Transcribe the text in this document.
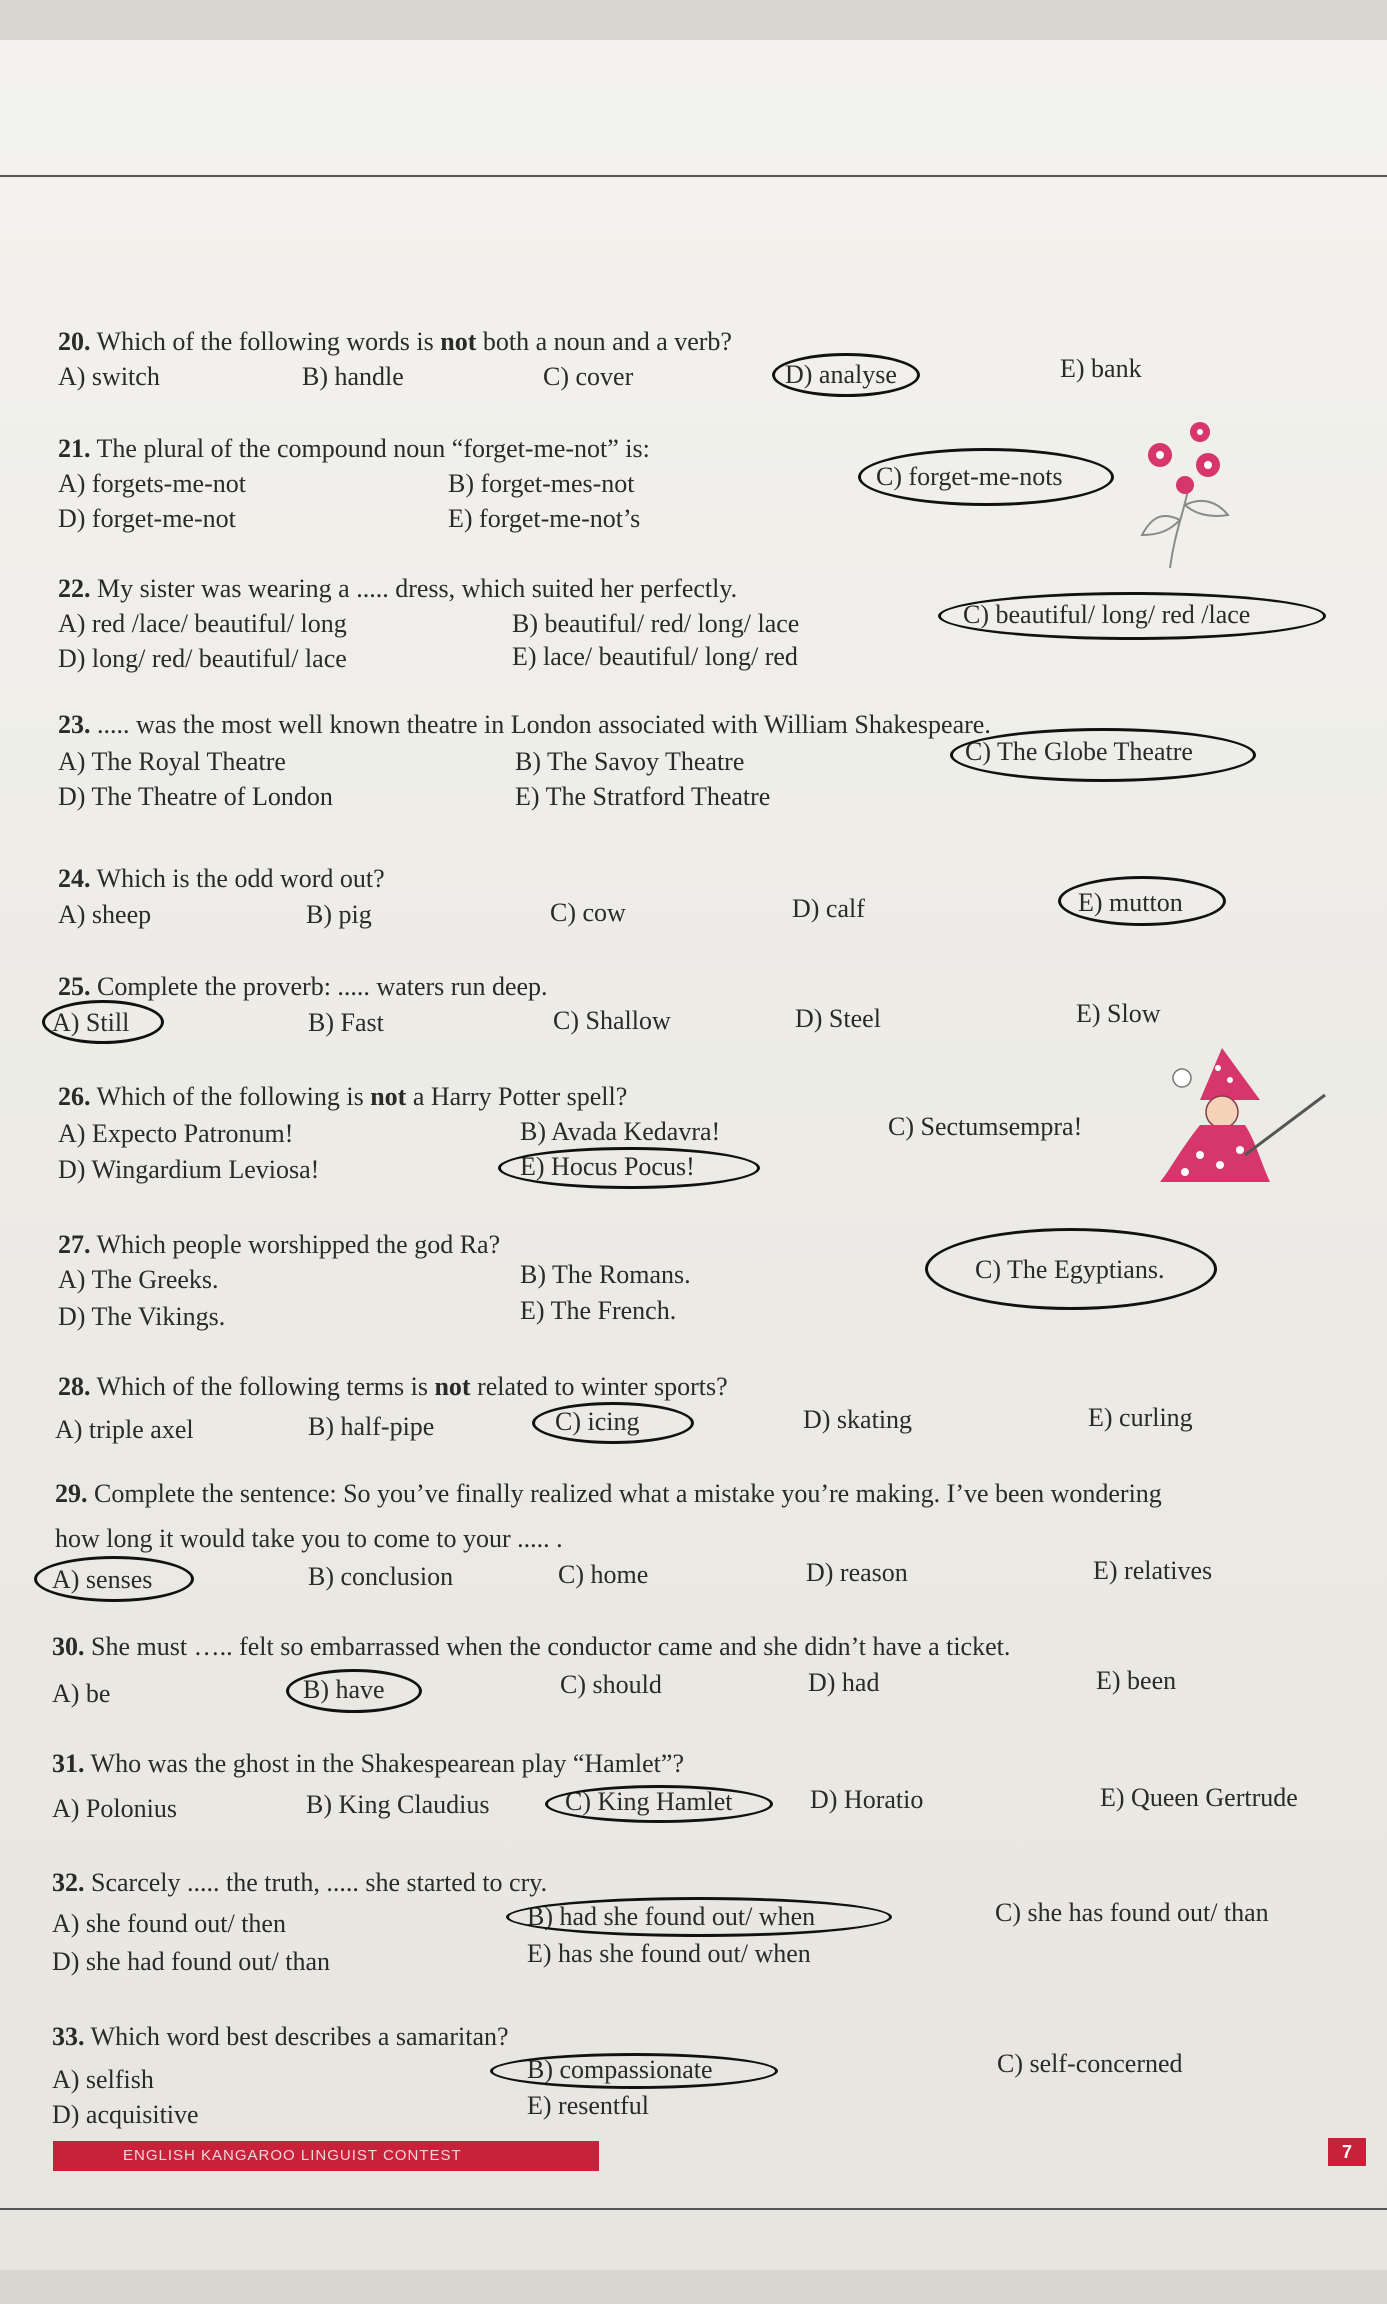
20. Which of the following words is not both a noun and a verb?
A) switch	B) handle	C) cover	D) analyse	E) bank
21. The plural of the compound noun “forget-me-not” is:
A) forgets-me-not	B) forget-mes-not	C) forget-me-nots
D) forget-me-not	E) forget-me-not’s
22. My sister was wearing a ..... dress, which suited her perfectly.
A) red /lace/ beautiful/ long	B) beautiful/ red/ long/ lace	C) beautiful/ long/ red /lace
D) long/ red/ beautiful/ lace	E) lace/ beautiful/ long/ red
23. ..... was the most well known theatre in London associated with William Shakespeare.
A) The Royal Theatre	B) The Savoy Theatre	C) The Globe Theatre
D) The Theatre of London	E) The Stratford Theatre
24. Which is the odd word out?
A) sheep	B) pig	C) cow	D) calf	E) mutton
25. Complete the proverb: ..... waters run deep.
A) Still	B) Fast	C) Shallow	D) Steel	E) Slow
26. Which of the following is not a Harry Potter spell?
A) Expecto Patronum!	B) Avada Kedavra!	C) Sectumsempra!
D) Wingardium Leviosa!	E) Hocus Pocus!
27. Which people worshipped the god Ra?
A) The Greeks.	B) The Romans.	C) The Egyptians.
D) The Vikings.	E) The French.
28. Which of the following terms is not related to winter sports?
A) triple axel	B) half-pipe	C) icing	D) skating	E) curling
29. Complete the sentence: So you’ve finally realized what a mistake you’re making. I’ve been wondering
how long it would take you to come to your ..... .
A) senses	B) conclusion	C) home	D) reason	E) relatives
30. She must ….. felt so embarrassed when the conductor came and she didn’t have a ticket.
A) be	B) have	C) should	D) had	E) been
31. Who was the ghost in the Shakespearean play “Hamlet”?
A) Polonius	B) King Claudius	C) King Hamlet	D) Horatio	E) Queen Gertrude
32. Scarcely ..... the truth, ..... she started to cry.
A) she found out/ then	B) had she found out/ when	C) she has found out/ than
D) she had found out/ than	E) has she found out/ when
33. Which word best describes a samaritan?
A) selfish	B) compassionate	C) self-concerned
D) acquisitive	E) resentful
ENGLISH KANGAROO LINGUIST CONTEST	7
